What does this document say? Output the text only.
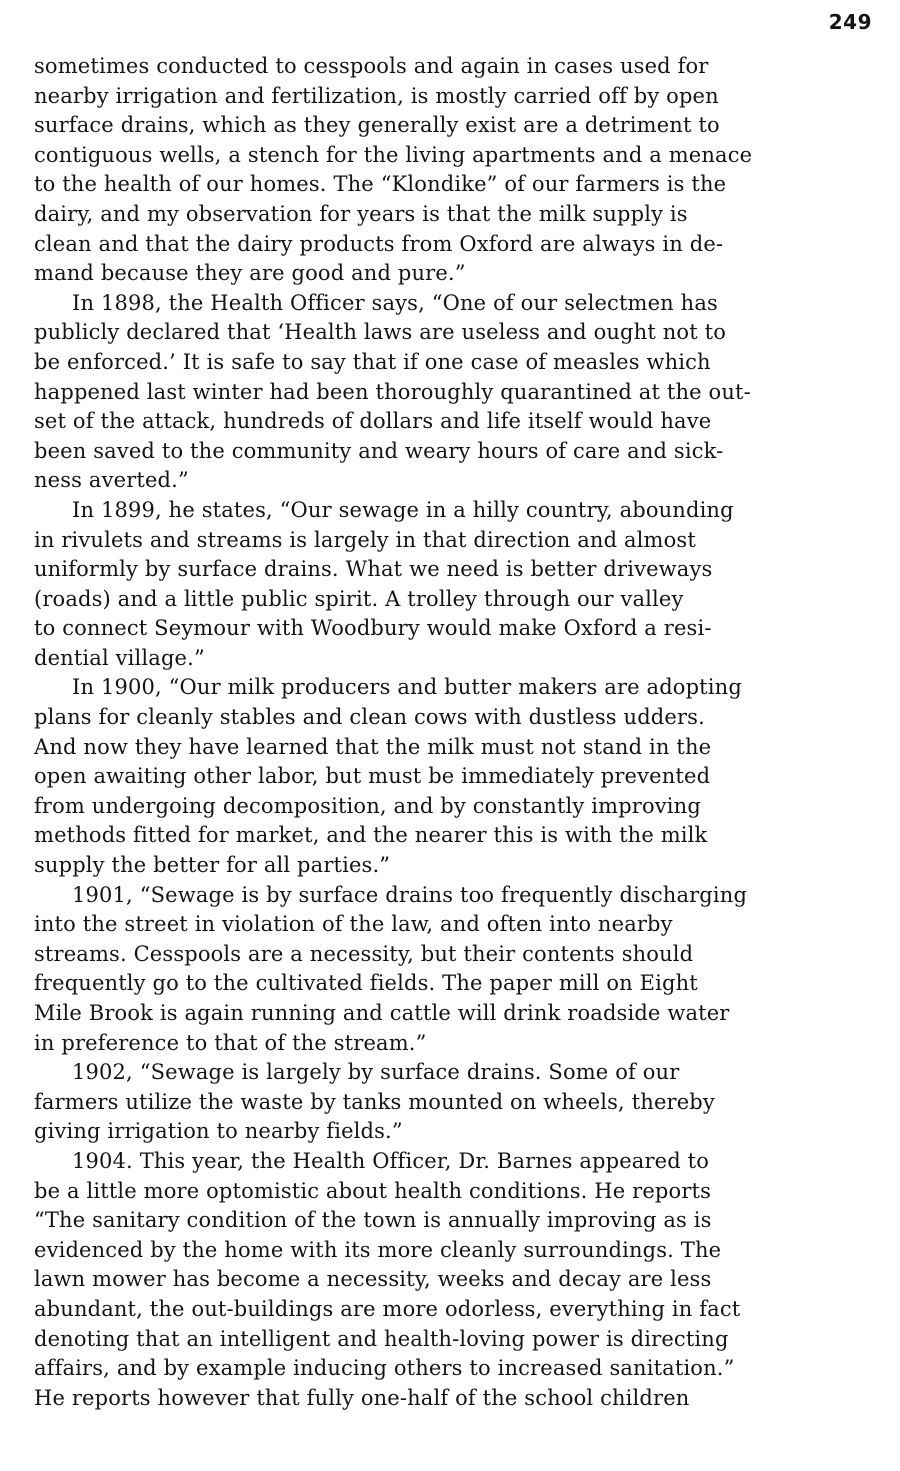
249
sometimes conducted to cesspools and again in cases used for
nearby irrigation and fertilization, is mostly carried off by open
surface drains, which as they generally exist are a detriment to
contiguous wells, a stench for the living apartments and a menace
to the health of our homes. The “Klondike” of our farmers is the
dairy, and my observation for years is that the milk supply is
clean and that the dairy products from Oxford are always in de-
mand because they are good and pure.”
In 1898, the Health Officer says, “One of our selectmen has
publicly declared that ‘Health laws are useless and ought not to
be enforced.’ It is safe to say that if one case of measles which
happened last winter had been thoroughly quarantined at the out-
set of the attack, hundreds of dollars and life itself would have
been saved to the community and weary hours of care and sick-
ness averted.”
In 1899, he states, “Our sewage in a hilly country, abounding
in rivulets and streams is largely in that direction and almost
uniformly by surface drains. What we need is better driveways
(roads) and a little public spirit. A trolley through our valley
to connect Seymour with Woodbury would make Oxford a resi-
dential village.”
In 1900, “Our milk producers and butter makers are adopting
plans for cleanly stables and clean cows with dustless udders.
And now they have learned that the milk must not stand in the
open awaiting other labor, but must be immediately prevented
from undergoing decomposition, and by constantly improving
methods fitted for market, and the nearer this is with the milk
supply the better for all parties.”
1901, “Sewage is by surface drains too frequently discharging
into the street in violation of the law, and often into nearby
streams. Cesspools are a necessity, but their contents should
frequently go to the cultivated fields. The paper mill on Eight
Mile Brook is again running and cattle will drink roadside water
in preference to that of the stream.”
1902, “Sewage is largely by surface drains. Some of our
farmers utilize the waste by tanks mounted on wheels, thereby
giving irrigation to nearby fields.”
1904. This year, the Health Officer, Dr. Barnes appeared to
be a little more optomistic about health conditions. He reports
“The sanitary condition of the town is annually improving as is
evidenced by the home with its more cleanly surroundings. The
lawn mower has become a necessity, weeks and decay are less
abundant, the out-buildings are more odorless, everything in fact
denoting that an intelligent and health-loving power is directing
affairs, and by example inducing others to increased sanitation.”
He reports however that fully one-half of the school children
